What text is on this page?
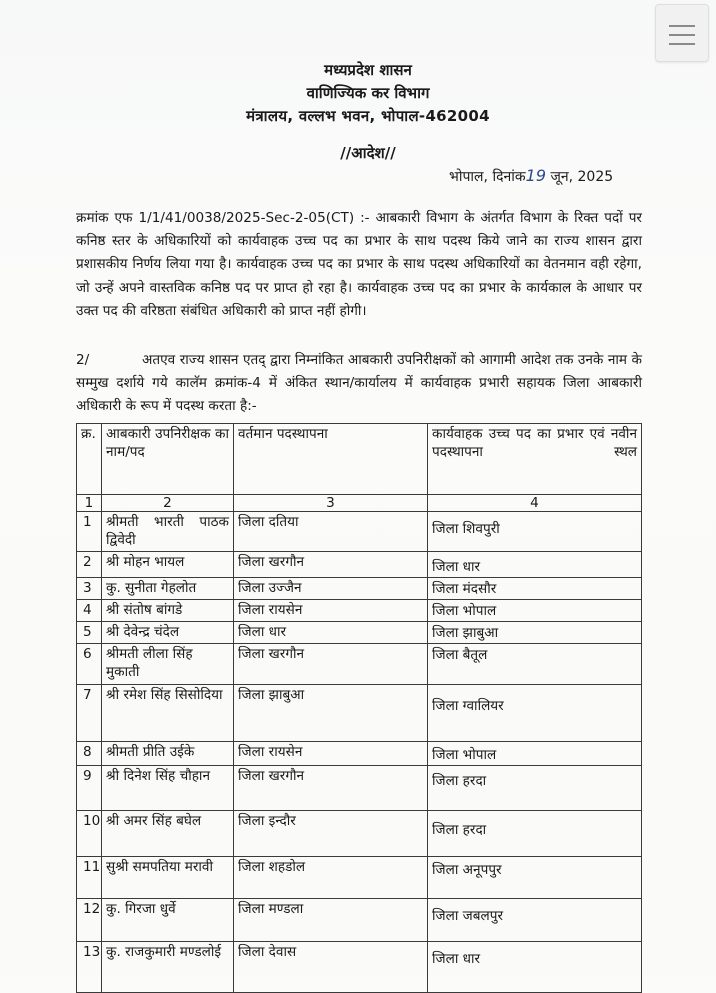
मध्यप्रदेश शासन
वाणिज्यिक कर विभाग
मंत्रालय, वल्लभ भवन, भोपाल-462004
//आदेश//
भोपाल, दिनांक19 जून, 2025
क्रमांक एफ 1/1/41/0038/2025-Sec-2-05(CT) :- आबकारी विभाग के अंतर्गत विभाग के रिक्त पदों पर कनिष्ठ स्तर के अधिकारियों को कार्यवाहक उच्च पद का प्रभार के साथ पदस्थ किये जाने का राज्य शासन द्वारा प्रशासकीय निर्णय लिया गया है। कार्यवाहक उच्च पद का प्रभार के साथ पदस्थ अधिकारियों का वेतनमान वही रहेगा, जो उन्हें अपने वास्तविक कनिष्ठ पद पर प्राप्त हो रहा है। कार्यवाहक उच्च पद का प्रभार के कार्यकाल के आधार पर उक्त पद की वरिष्ठता संबंधित अधिकारी को प्राप्त नहीं होगी।
2/	अतएव राज्य शासन एतद् द्वारा निम्नांकित आबकारी उपनिरीक्षकों को आगामी आदेश तक उनके नाम के सम्मुख दर्शाये गये कालॅम क्रमांक-4 में अंकित स्थान/कार्यालय में कार्यवाहक प्रभारी सहायक जिला आबकारी अधिकारी के रूप में पदस्थ करता है:-
क्र.	आबकारी उपनिरीक्षक का नाम/पद	वर्तमान पदस्थापना	कार्यवाहक उच्च पद का प्रभार एवं नवीन पदस्थापना स्थल

1	2	3	4
1	श्रीमती भारती पाठक द्विवेदी	जिला दतिया	जिला शिवपुरी
2	श्री मोहन भायल	जिला खरगौन	जिला धार
3	कु. सुनीता गेहलोत	जिला उज्जैन	जिला मंदसौर
4	श्री संतोष बांगडे	जिला रायसेन	जिला भोपाल
5	श्री देवेन्द्र चंदेल	जिला धार	जिला झाबुआ
6	श्रीमती लीला सिंह मुकाती	जिला खरगौन	जिला बैतूल
7	श्री रमेश सिंह सिसोदिया	जिला झाबुआ	जिला ग्वालियर
8	श्रीमती प्रीति उईके	जिला रायसेन	जिला भोपाल
9	श्री दिनेश सिंह चौहान	जिला खरगौन	जिला हरदा
10	श्री अमर सिंह बघेल	जिला इन्दौर	जिला हरदा
11	सुश्री समपतिया मरावी	जिला शहडोल	जिला अनूपपुर
12	कु. गिरजा धुर्वे	जिला मण्डला	जिला जबलपुर
13	कु. राजकुमारी मण्डलोई	जिला देवास	जिला धार
